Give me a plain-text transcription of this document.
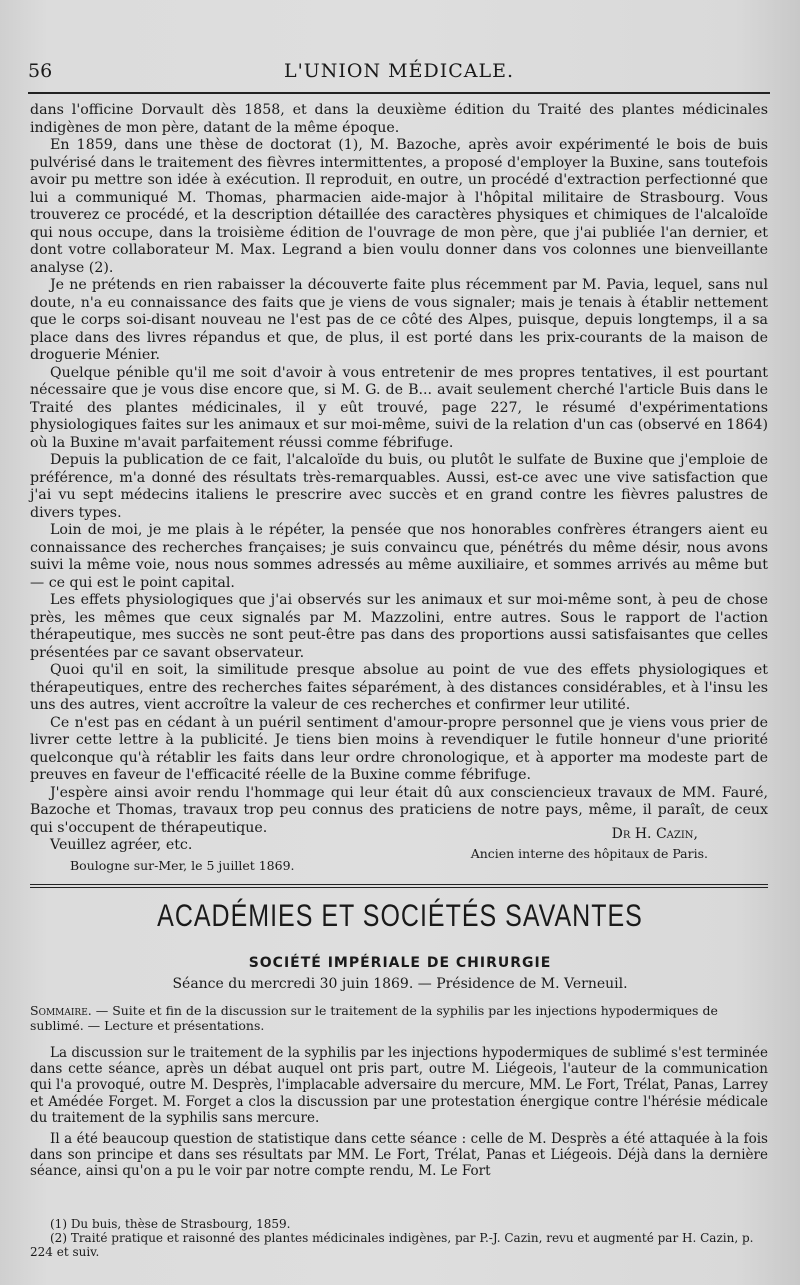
56	L'UNION MÉDICALE.

dans l'officine Dorvault dès 1858, et dans la deuxième édition du Traité des plantes médicinales indigènes de mon père, datant de la même époque.

En 1859, dans une thèse de doctorat (1), M. Bazoche, après avoir expérimenté le bois de buis pulvérisé dans le traitement des fièvres intermittentes, a proposé d'employer la Buxine, sans toutefois avoir pu mettre son idée à exécution. Il reproduit, en outre, un procédé d'extraction perfectionné que lui a communiqué M. Thomas, pharmacien aide-major à l'hôpital militaire de Strasbourg. Vous trouverez ce procédé, et la description détaillée des caractères physiques et chimiques de l'alcaloïde qui nous occupe, dans la troisième édition de l'ouvrage de mon père, que j'ai publiée l'an dernier, et dont votre collaborateur M. Max. Legrand a bien voulu donner dans vos colonnes une bienveillante analyse (2).

Je ne prétends en rien rabaisser la découverte faite plus récemment par M. Pavia, lequel, sans nul doute, n'a eu connaissance des faits que je viens de vous signaler; mais je tenais à établir nettement que le corps soi-disant nouveau ne l'est pas de ce côté des Alpes, puisque, depuis longtemps, il a sa place dans des livres répandus et que, de plus, il est porté dans les prix-courants de la maison de droguerie Ménier.

Quelque pénible qu'il me soit d'avoir à vous entretenir de mes propres tentatives, il est pourtant nécessaire que je vous dise encore que, si M. G. de B... avait seulement cherché l'article Buis dans le Traité des plantes médicinales, il y eût trouvé, page 227, le résumé d'expérimentations physiologiques faites sur les animaux et sur moi-même, suivi de la relation d'un cas (observé en 1864) où la Buxine m'avait parfaitement réussi comme fébrifuge.

Depuis la publication de ce fait, l'alcaloïde du buis, ou plutôt le sulfate de Buxine que j'emploie de préférence, m'a donné des résultats très-remarquables. Aussi, est-ce avec une vive satisfaction que j'ai vu sept médecins italiens le prescrire avec succès et en grand contre les fièvres palustres de divers types.

Loin de moi, je me plais à le répéter, la pensée que nos honorables confrères étrangers aient eu connaissance des recherches françaises; je suis convaincu que, pénétrés du même désir, nous avons suivi la même voie, nous nous sommes adressés au même auxiliaire, et sommes arrivés au même but — ce qui est le point capital.

Les effets physiologiques que j'ai observés sur les animaux et sur moi-même sont, à peu de chose près, les mêmes que ceux signalés par M. Mazzolini, entre autres. Sous le rapport de l'action thérapeutique, mes succès ne sont peut-être pas dans des proportions aussi satisfaisantes que celles présentées par ce savant observateur.

Quoi qu'il en soit, la similitude presque absolue au point de vue des effets physiologiques et thérapeutiques, entre des recherches faites séparément, à des distances considérables, et à l'insu les uns des autres, vient accroître la valeur de ces recherches et confirmer leur utilité.

Ce n'est pas en cédant à un puéril sentiment d'amour-propre personnel que je viens vous prier de livrer cette lettre à la publicité. Je tiens bien moins à revendiquer le futile honneur d'une priorité quelconque qu'à rétablir les faits dans leur ordre chronologique, et à apporter ma modeste part de preuves en faveur de l'efficacité réelle de la Buxine comme fébrifuge.

J'espère ainsi avoir rendu l'hommage qui leur était dû aux consciencieux travaux de MM. Fauré, Bazoche et Thomas, travaux trop peu connus des praticiens de notre pays, même, il paraît, de ceux qui s'occupent de thérapeutique.

Veuillez agréer, etc.

Dr H. Cazin,
Ancien interne des hôpitaux de Paris.
Boulogne sur-Mer, le 5 juillet 1869.
ACADÉMIES ET SOCIÉTÉS SAVANTES
SOCIÉTÉ IMPÉRIALE DE CHIRURGIE
Séance du mercredi 30 juin 1869. — Présidence de M. Verneuil.
Sommaire. — Suite et fin de la discussion sur le traitement de la syphilis par les injections hypodermiques de sublimé. — Lecture et présentations.

La discussion sur le traitement de la syphilis par les injections hypodermiques de sublimé s'est terminée dans cette séance, après un débat auquel ont pris part, outre M. Liégeois, l'auteur de la communication qui l'a provoqué, outre M. Desprès, l'implacable adversaire du mercure, MM. Le Fort, Trélat, Panas, Larrey et Amédée Forget. M. Forget a clos la discussion par une protestation énergique contre l'hérésie médicale du traitement de la syphilis sans mercure.

Il a été beaucoup question de statistique dans cette séance : celle de M. Desprès a été attaquée à la fois dans son principe et dans ses résultats par MM. Le Fort, Trélat, Panas et Liégeois. Déjà dans la dernière séance, ainsi qu'on a pu le voir par notre compte rendu, M. Le Fort

(1) Du buis, thèse de Strasbourg, 1859.

(2) Traité pratique et raisonné des plantes médicinales indigènes, par P.-J. Cazin, revu et augmenté par H. Cazin, p. 224 et suiv.
